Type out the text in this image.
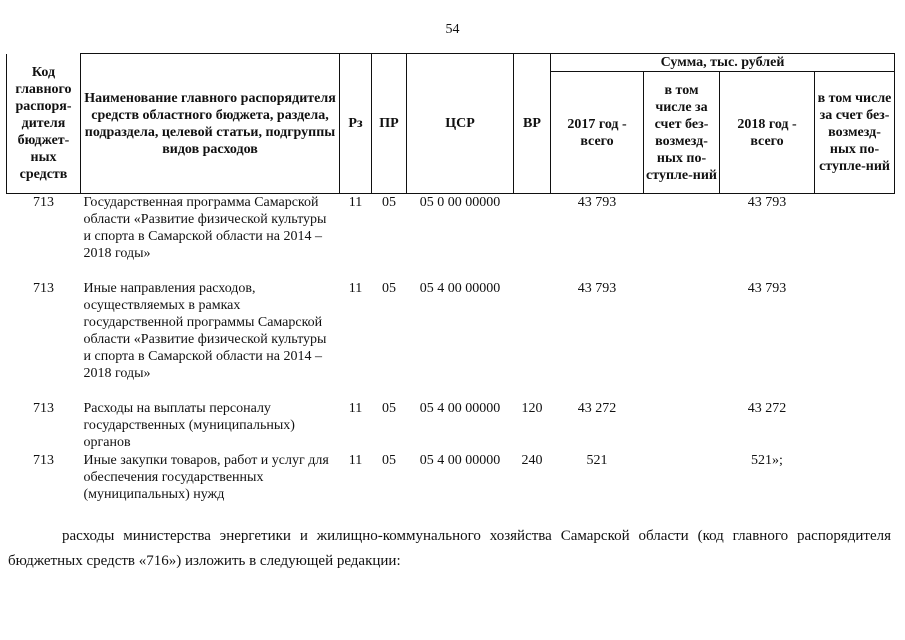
54
Код главного распоря-дителя бюджет-ных средств	Наименование главного распорядителя средств областного бюджета, раздела, подраздела, целевой статьи, подгруппы видов расходов	Рз	ПР	ЦСР	ВР	Сумма, тыс. рублей			
						2017 год - всего	в том числе за счет без-возмезд-ных по-ступле-ний	2018 год - всего	в том числе за счет без-возмезд-ных по-ступле-ний
713	Государственная программа Самарской области «Развитие физической культуры и спорта в Самарской области на 2014 – 2018 годы»	11	05	05 0 00 00000		43 793		43 793	
713	Иные направления расходов, осуществляемых в рамках государственной программы Самарской области «Развитие физической культуры и спорта в Самарской области на 2014 – 2018 годы»	11	05	05 4 00 00000		43 793		43 793	
713	Расходы на выплаты персоналу государственных (муниципальных) органов	11	05	05 4 00 00000	120	43 272		43 272	
713	Иные закупки товаров, работ и услуг для обеспечения государственных (муниципальных) нужд	11	05	05 4 00 00000	240	521		521»;	
расходы министерства энергетики и жилищно-коммунального хозяйства Самарской области (код главного распорядителя
бюджетных средств «716») изложить в следующей редакции:
